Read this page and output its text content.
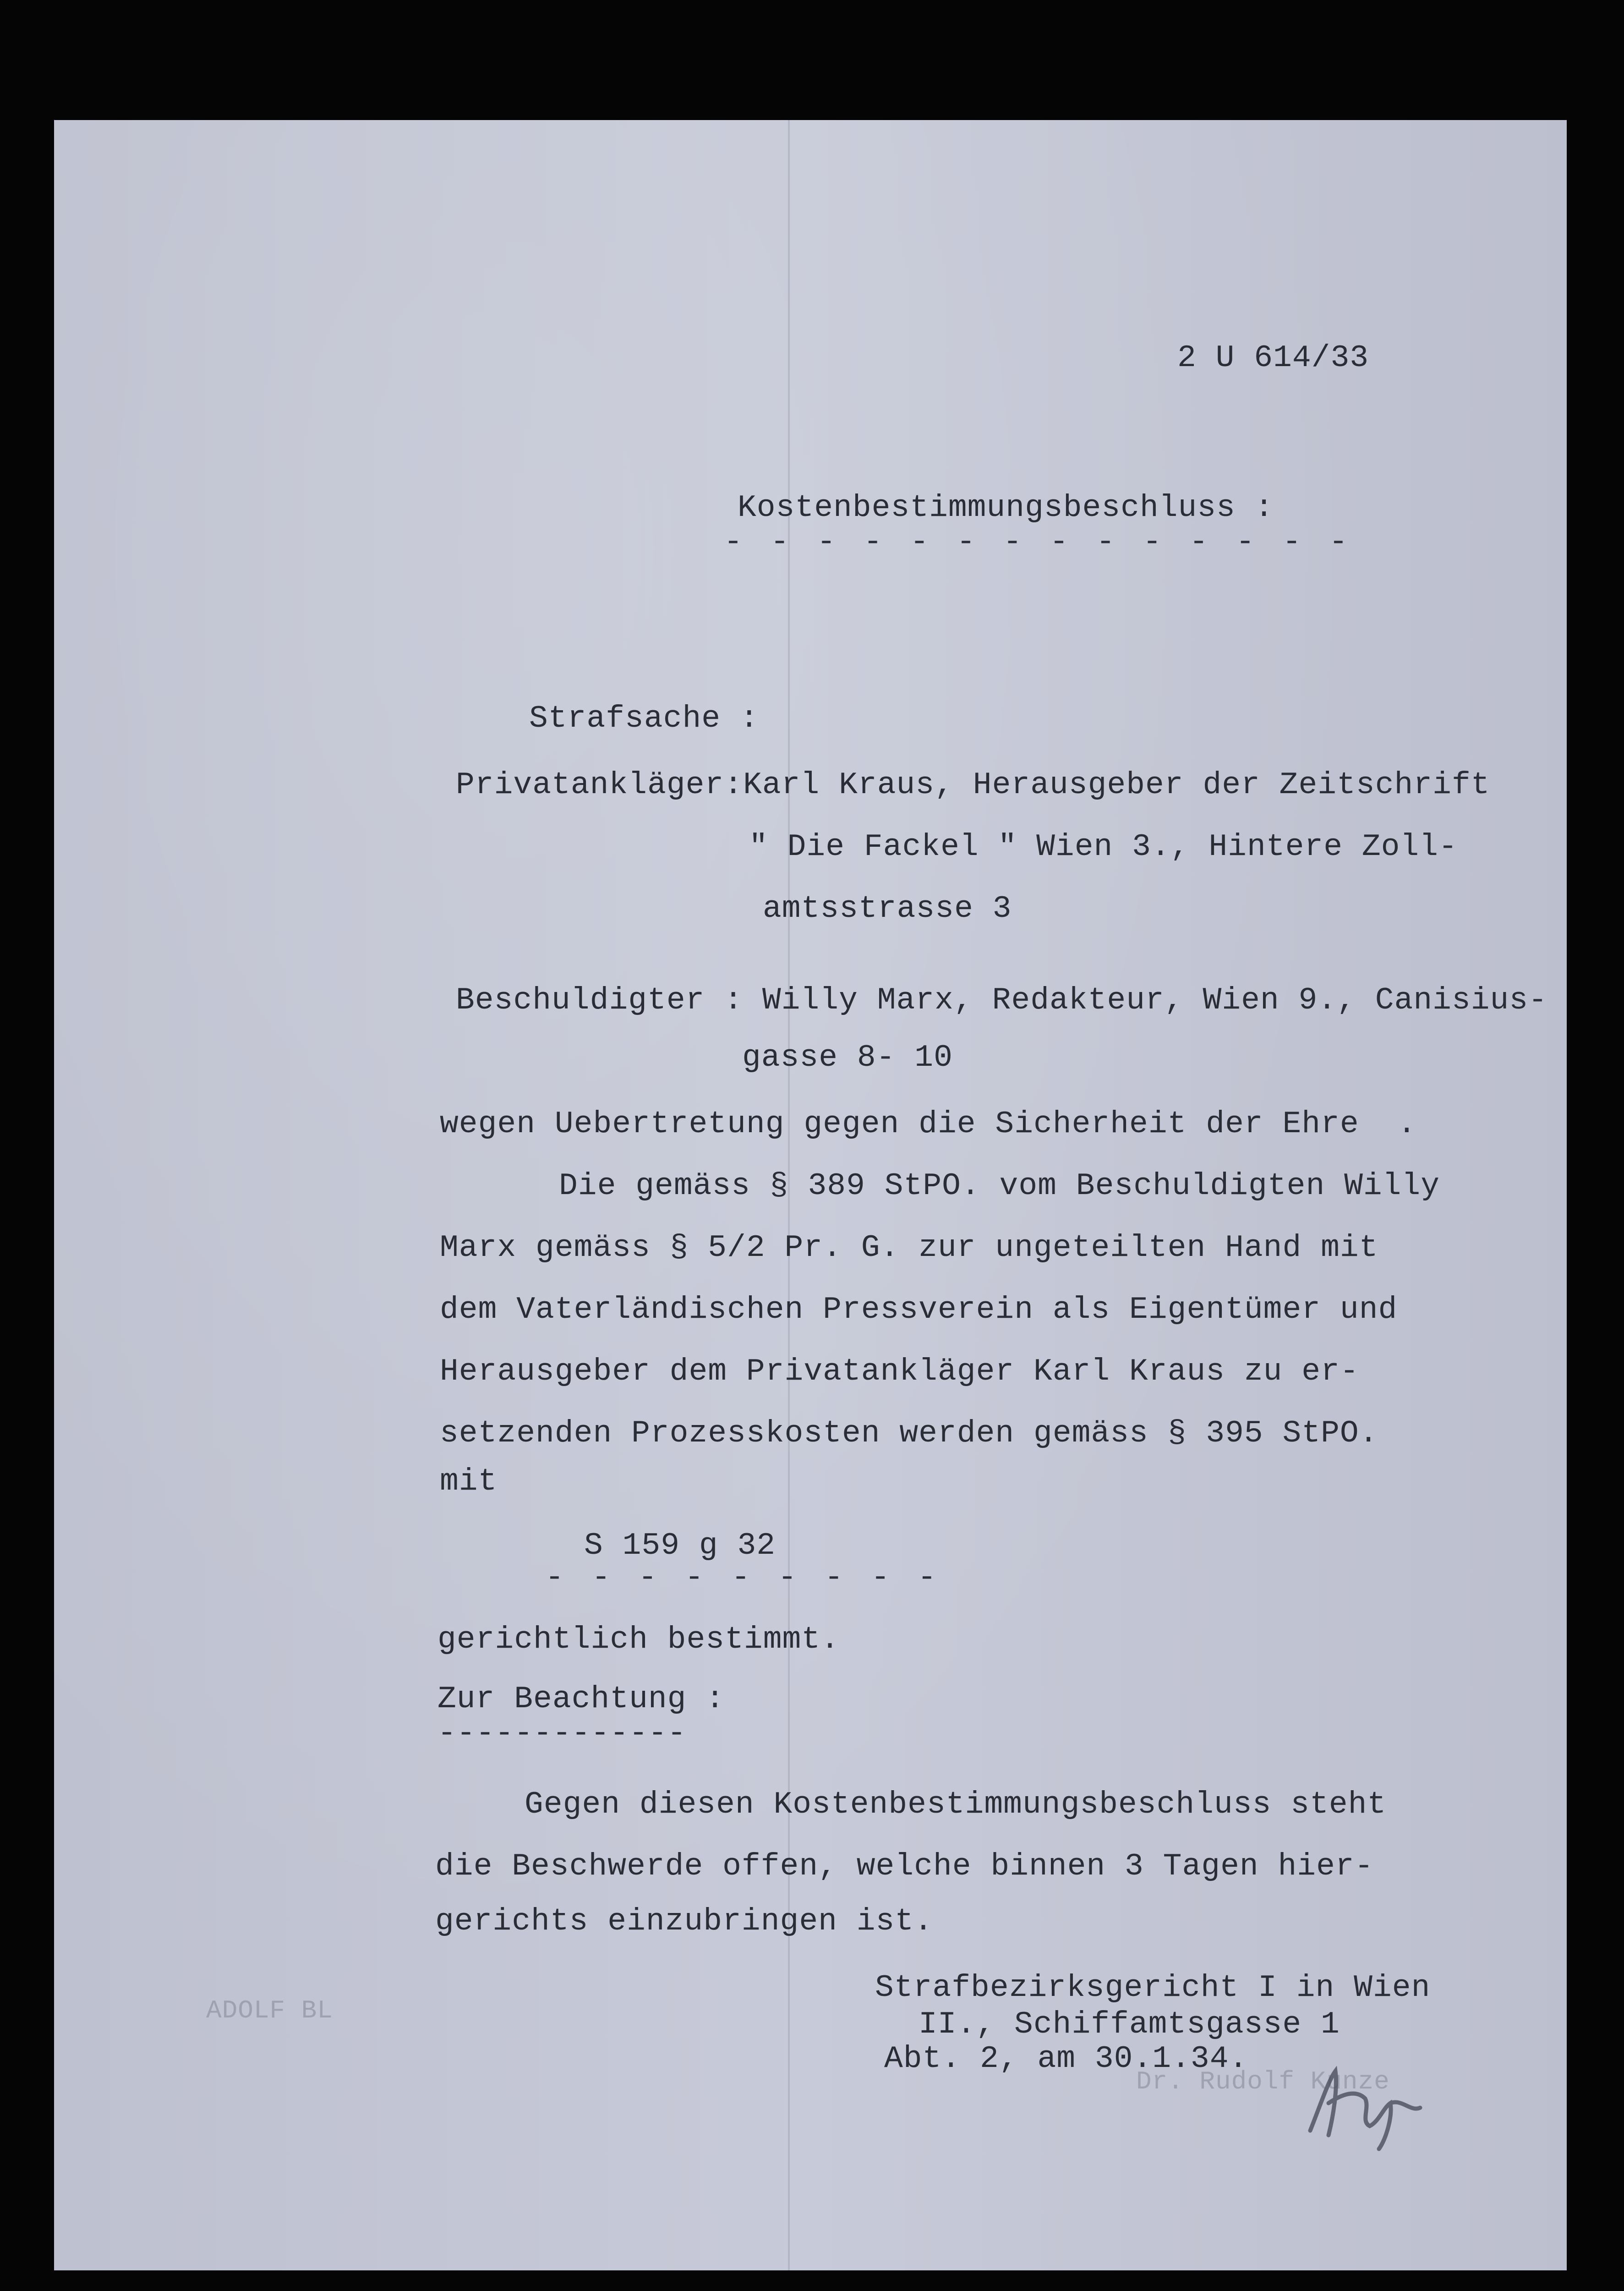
2 U 614/33

Kostenbestimmungsbeschluss :

- - - - - - - - - - - - - -

Strafsache :

Privatankläger:Karl Kraus, Herausgeber der Zeitschrift

" Die Fackel " Wien 3., Hintere Zoll-

amtsstrasse 3

Beschuldigter : Willy Marx, Redakteur, Wien 9., Canisius-

gasse 8- 10

wegen Uebertretung gegen die Sicherheit der Ehre  .

Die gemäss § 389 StPO. vom Beschuldigten Willy

Marx gemäss § 5/2 Pr. G. zur ungeteilten Hand mit

dem Vaterländischen Pressverein als Eigentümer und

Herausgeber dem Privatankläger Karl Kraus zu er-

setzenden Prozesskosten werden gemäss § 395 StPO.

mit

S 159 g 32

- - - - - - - - -

gerichtlich bestimmt.

Zur Beachtung :

-------------

Gegen diesen Kostenbestimmungsbeschluss steht

die Beschwerde offen, welche binnen 3 Tagen hier-

gerichts einzubringen ist.

Strafbezirksgericht I in Wien

II., Schiffamtsgasse 1

Abt. 2, am 30.1.34.

ADOLF BL

Dr. Rudolf Kunze
